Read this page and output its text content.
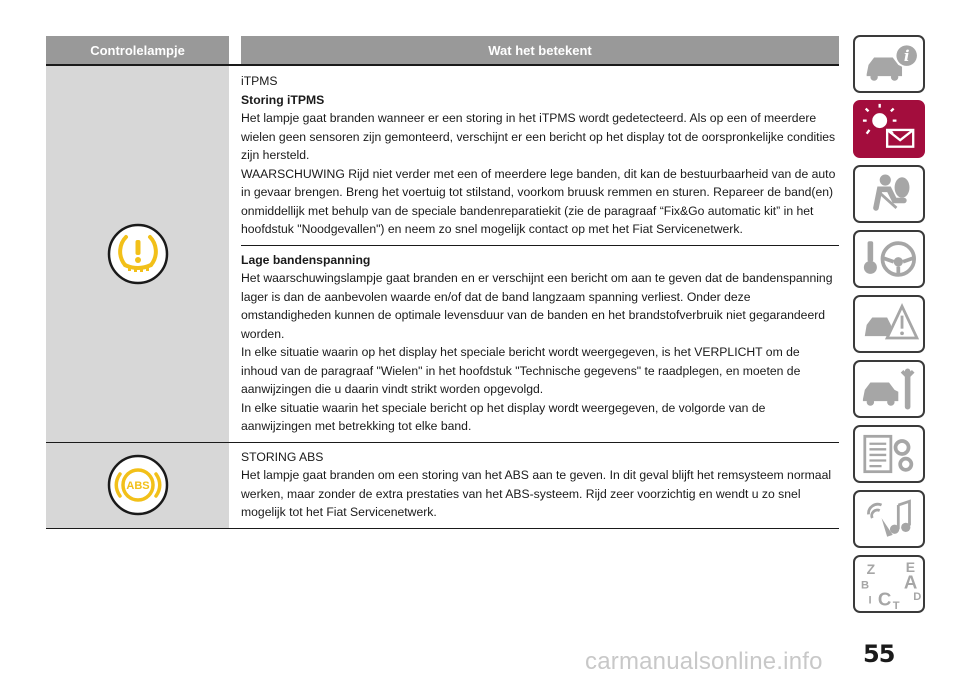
Controlelampje	Wat het betekent

iTPMS

Storing iTPMS

Het lampje gaat branden wanneer er een storing in het iTPMS wordt gedetecteerd. Als op een of meerdere wielen geen sensoren zijn gemonteerd, verschijnt er een bericht op het display tot de oorspronkelijke condities zijn hersteld.

WAARSCHUWING Rijd niet verder met een of meerdere lege banden, dit kan de bestuurbaarheid van de auto in gevaar brengen. Breng het voertuig tot stilstand, voorkom bruusk remmen en sturen. Repareer de band(en) onmiddellijk met behulp van de speciale bandenreparatiekit (zie de paragraaf “Fix&Go automatic kit” in het hoofdstuk "Noodgevallen") en neem zo snel mogelijk contact op met het Fiat Servicenetwerk.

Lage bandenspanning

Het waarschuwingslampje gaat branden en er verschijnt een bericht om aan te geven dat de bandenspanning lager is dan de aanbevolen waarde en/of dat de band langzaam spanning verliest. Onder deze omstandigheden kunnen de optimale levensduur van de banden en het brandstofverbruik niet gegarandeerd worden.

In elke situatie waarin op het display het speciale bericht wordt weergegeven, is het VERPLICHT om de inhoud van de paragraaf "Wielen" in het hoofdstuk "Technische gegevens" te raadplegen, en moeten de aanwijzingen die u daarin vindt strikt worden opgevolgd.

In elke situatie waarin het speciale bericht op het display wordt weergegeven, de volgorde van de aanwijzingen met betrekking tot elke band.

ABS

STORING ABS

Het lampje gaat branden om een storing van het ABS aan te geven. In dit geval blijft het remsysteem normaal werken, maar zonder de extra prestaties van het ABS-systeem. Rijd zeer voorzichtig en wendt u zo snel mogelijk tot het Fiat Servicenetwerk.

i
Z E
B A
C D
I T
carmanualsonline.info 55
